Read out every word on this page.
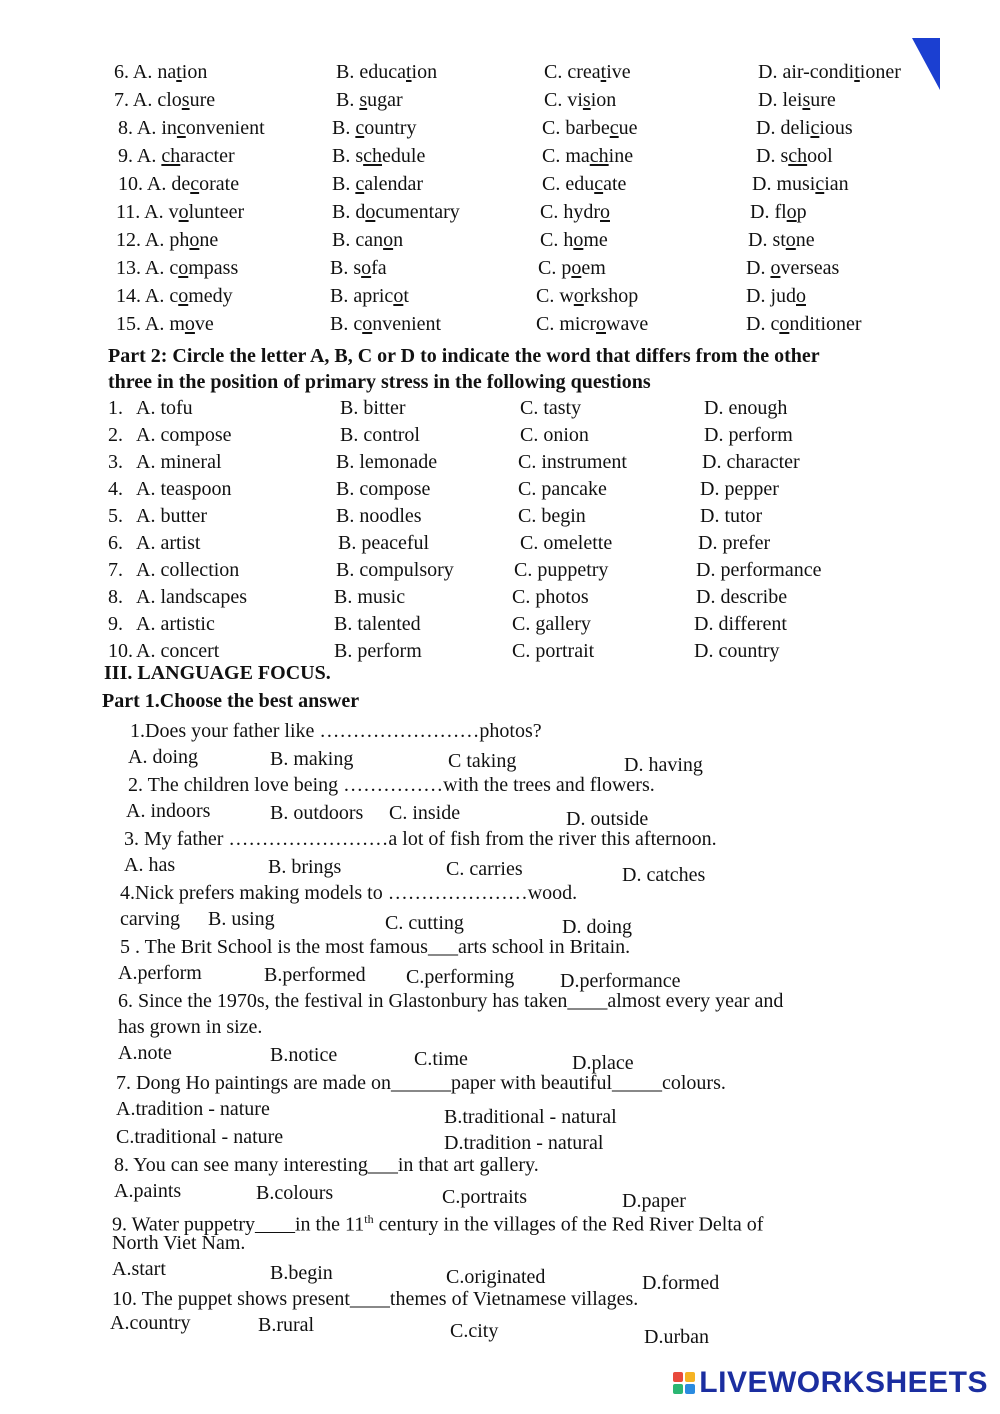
6. A. nation	B. education	C. creative	D. air-conditioner
7. A. closure	B. sugar	C. vision	D. leisure
8. A. inconvenient	B. country	C. barbecue	D. delicious
9. A. character	B. schedule	C. machine	D. school
10. A. decorate	B. calendar	C. educate	D. musician
11. A. volunteer	B. documentary	C. hydro	D. flop
12. A. phone	B. canon	C. home	D. stone
13. A. compass	B. sofa	C. poem	D. overseas
14. A. comedy	B. apricot	C. workshop	D. judo
15. A. move	B. convenient	C. microwave	D. conditioner
Part 2: Circle the letter A, B, C or D to indicate the word that differs from the other
three in the position of primary stress in the following questions
1. A. tofu	B. bitter	C. tasty	D. enough
2. A. compose	B. control	C. onion	D. perform
3. A. mineral	B. lemonade	C. instrument	D. character
4. A. teaspoon	B. compose	C. pancake	D. pepper
5. A. butter	B. noodles	C. begin	D. tutor
6. A. artist	B. peaceful	C. omelette	D. prefer
7. A. collection	B. compulsory	C. puppetry	D. performance
8. A. landscapes	B. music	C. photos	D. describe
9. A. artistic	B. talented	C. gallery	D. different
10. A. concert	B. perform	C. portrait	D. country
III. LANGUAGE FOCUS.
Part 1.Choose the best answer
1.Does your father like ……………………photos?
A. doing	B. making	C taking	D. having
2. The children love being ……………with the trees and flowers.
A. indoors	B. outdoors C. inside	D. outside
3. My father ……………………a lot of fish from the river this afternoon.
A. has	B. brings	C. carries	D. catches
4.Nick prefers making models to …………………wood.
carving B. using	C. cutting	D. doing
5 . The Brit School is the most famous___arts school in Britain.
A.perform	B.performed C.performing D.performance
6. Since the 1970s, the festival in Glastonbury has taken____almost every year and
has grown in size.
A.note	B.notice	C.time	D.place
7. Dong Ho paintings are made on______paper with beautiful_____colours.
A.tradition - nature	B.traditional - natural
C.traditional - nature	D.tradition - natural
8. You can see many interesting___in that art gallery.
A.paints	B.colours	C.portraits	D.paper
9. Water puppetry____in the 11th century in the villages of the Red River Delta of
North Viet Nam.
A.start	B.begin	C.originated	D.formed
10. The puppet shows present____themes of Vietnamese villages.
A.country	B.rural	C.city	D.urban
LIVEWORKSHEETS
